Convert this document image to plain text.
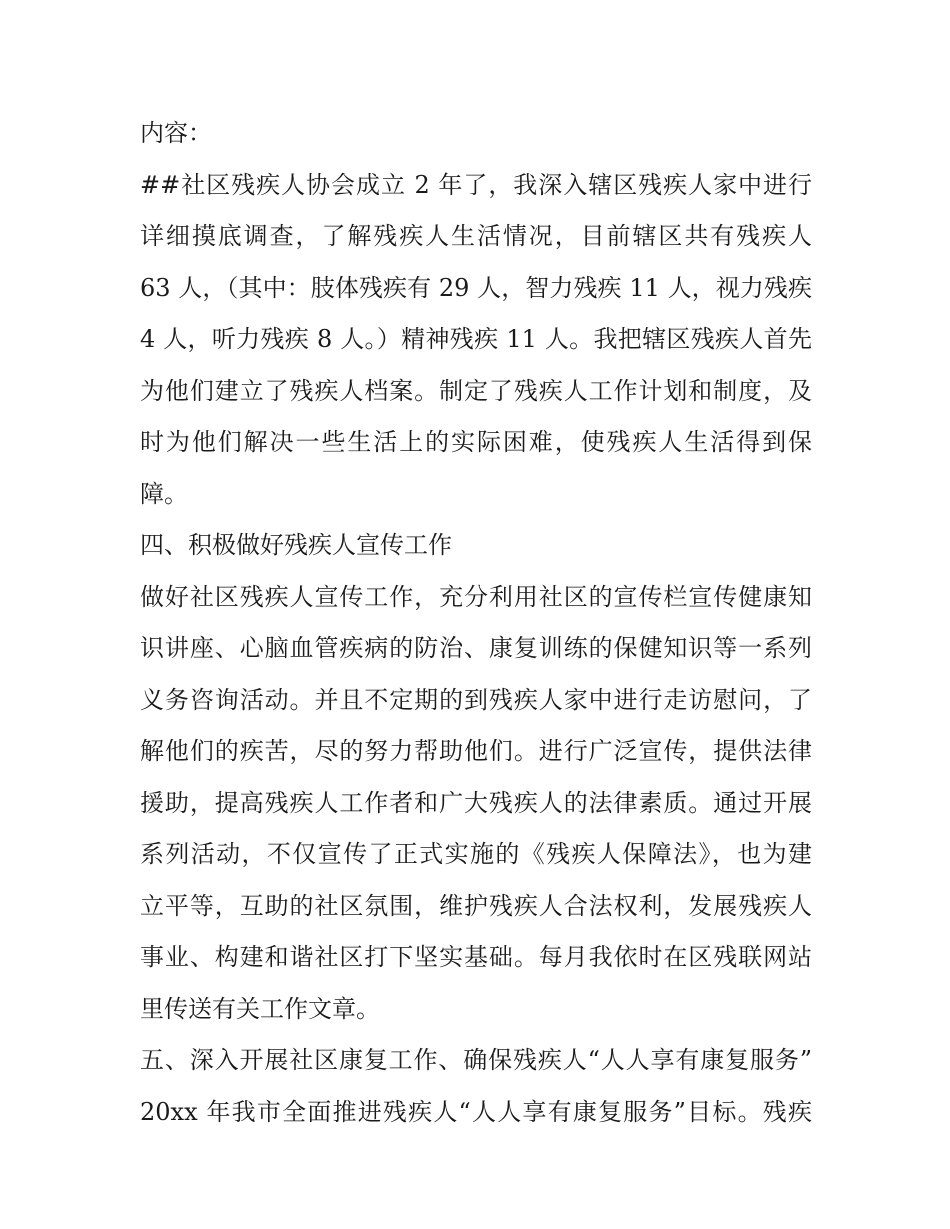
内容：
##社区残疾人协会成立 2 年了，我深入辖区残疾人家中进行
详细摸底调查，了解残疾人生活情况，目前辖区共有残疾人
63 人，（其中：肢体残疾有 29 人，智力残疾 11 人，视力残疾
4 人，听力残疾 8 人。）精神残疾 11 人。我把辖区残疾人首先
为他们建立了残疾人档案。制定了残疾人工作计划和制度，及
时为他们解决一些生活上的实际困难，使残疾人生活得到保
障。
四、积极做好残疾人宣传工作
做好社区残疾人宣传工作，充分利用社区的宣传栏宣传健康知
识讲座、心脑血管疾病的防治、康复训练的保健知识等一系列
义务咨询活动。并且不定期的到残疾人家中进行走访慰问，了
解他们的疾苦，尽的努力帮助他们。进行广泛宣传，提供法律
援助，提高残疾人工作者和广大残疾人的法律素质。通过开展
系列活动，不仅宣传了正式实施的《残疾人保障法》，也为建
立平等，互助的社区氛围，维护残疾人合法权利，发展残疾人
事业、构建和谐社区打下坚实基础。每月我依时在区残联网站
里传送有关工作文章。
五、深入开展社区康复工作、确保残疾人“人人享有康复服务”
20xx 年我市全面推进残疾人“人人享有康复服务”目标。残疾
